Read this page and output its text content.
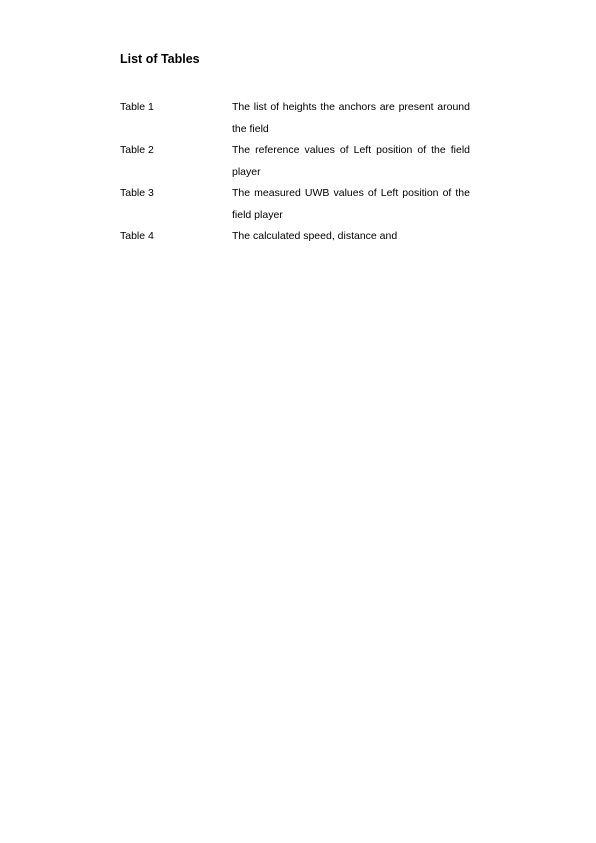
List of Tables
Table 1	The list of heights the anchors are present around the field
Table 2	The reference values of Left position of the field player
Table 3	The measured UWB values of Left position of the field player
Table 4	The calculated speed, distance and
